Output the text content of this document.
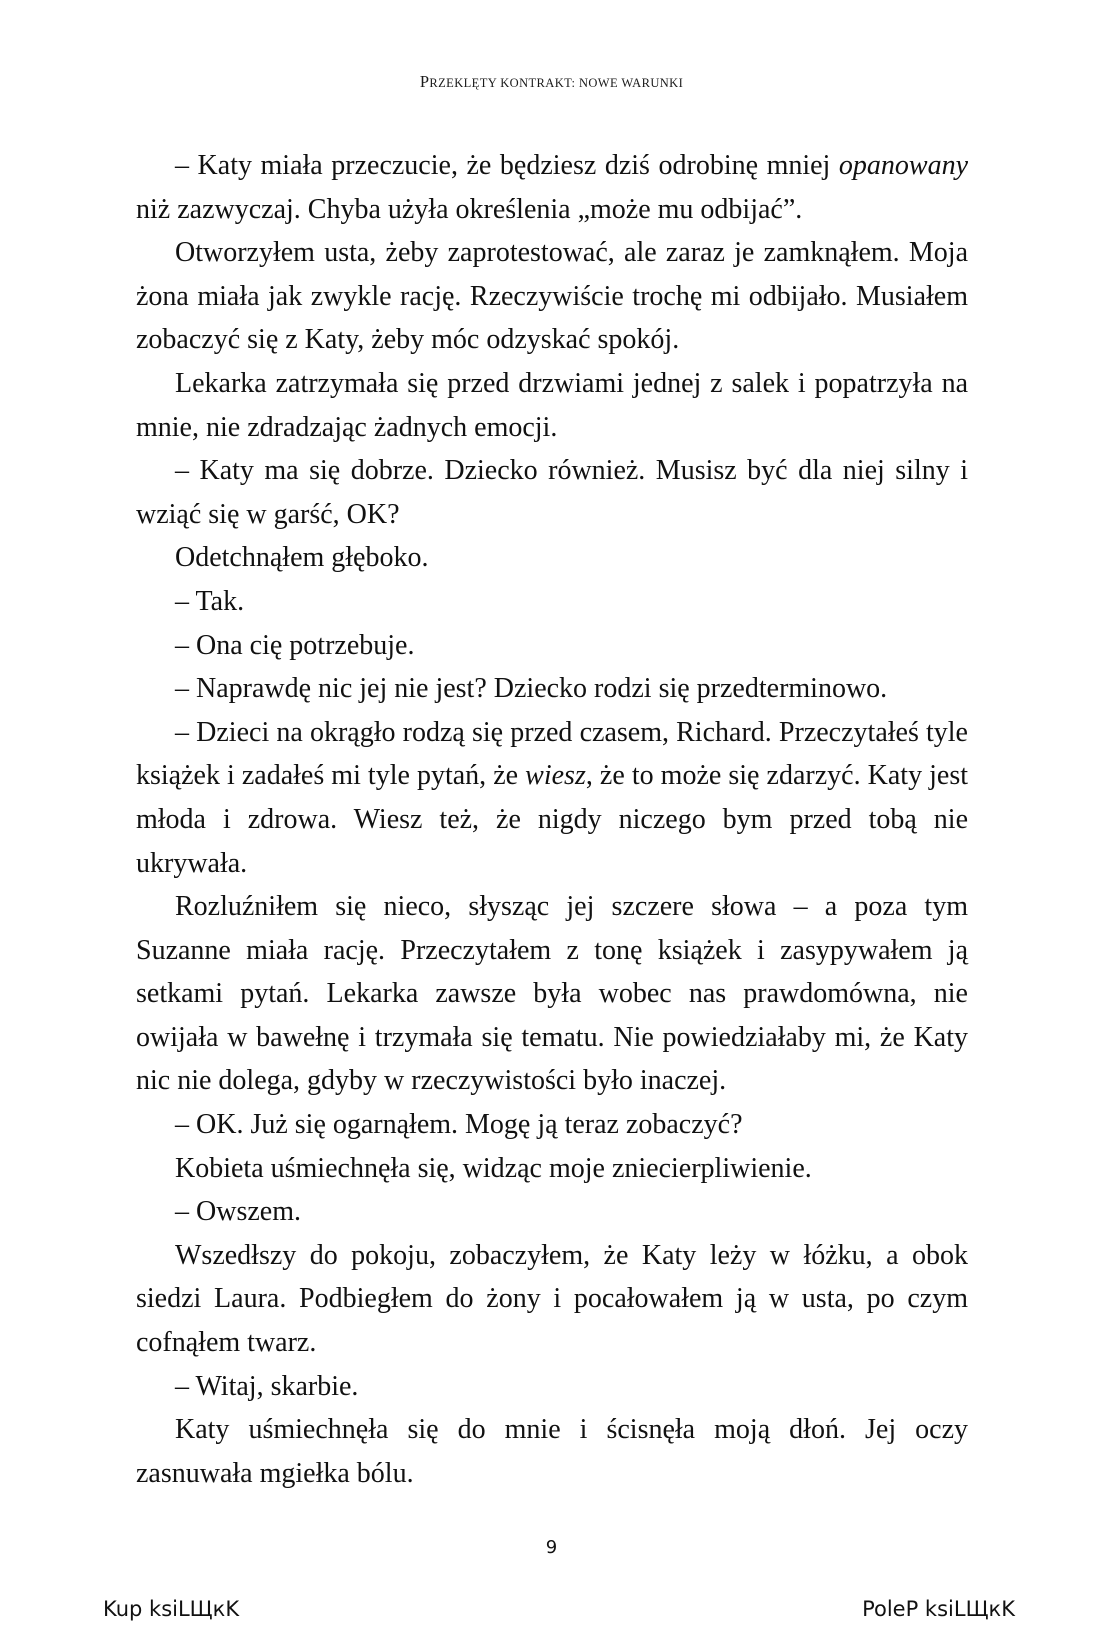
PRZEKLĘTY KONTRAKT: NOWE WARUNKI

– Katy miała przeczucie, że będziesz dziś odrobinę mniej opanowany niż zazwyczaj. Chyba użyła określenia „może mu odbijać”.

Otworzyłem usta, żeby zaprotestować, ale zaraz je zamknąłem. Moja żona miała jak zwykle rację. Rzeczywiście trochę mi odbijało. Musiałem zobaczyć się z Katy, żeby móc odzyskać spokój.

Lekarka zatrzymała się przed drzwiami jednej z salek i popatrzyła na mnie, nie zdradzając żadnych emocji.

– Katy ma się dobrze. Dziecko również. Musisz być dla niej silny i wziąć się w garść, OK?

Odetchnąłem głęboko.

– Tak.

– Ona cię potrzebuje.

– Naprawdę nic jej nie jest? Dziecko rodzi się przedterminowo.

– Dzieci na okrągło rodzą się przed czasem, Richard. Przeczytałeś tyle książek i zadałeś mi tyle pytań, że wiesz, że to może się zdarzyć. Katy jest młoda i zdrowa. Wiesz też, że nigdy niczego bym przed tobą nie ukrywała.

Rozluźniłem się nieco, słysząc jej szczere słowa – a poza tym Suzanne miała rację. Przeczytałem z tonę książek i zasypywałem ją setkami pytań. Lekarka zawsze była wobec nas prawdomówna, nie owijała w bawełnę i trzymała się tematu. Nie powiedziałaby mi, że Katy nic nie dolega, gdyby w rzeczywistości było inaczej.

– OK. Już się ogarnąłem. Mogę ją teraz zobaczyć?

Kobieta uśmiechnęła się, widząc moje zniecierpliwienie.

– Owszem.

Wszedłszy do pokoju, zobaczyłem, że Katy leży w łóżku, a obok siedzi Laura. Podbiegłem do żony i pocałowałem ją w usta, po czym cofnąłem twarz.

– Witaj, skarbie.

Katy uśmiechnęła się do mnie i ścisnęła moją dłoń. Jej oczy zasnuwała mgiełka bólu.

9
Kup ksiLЩкK	PoleP ksiLЩкK
